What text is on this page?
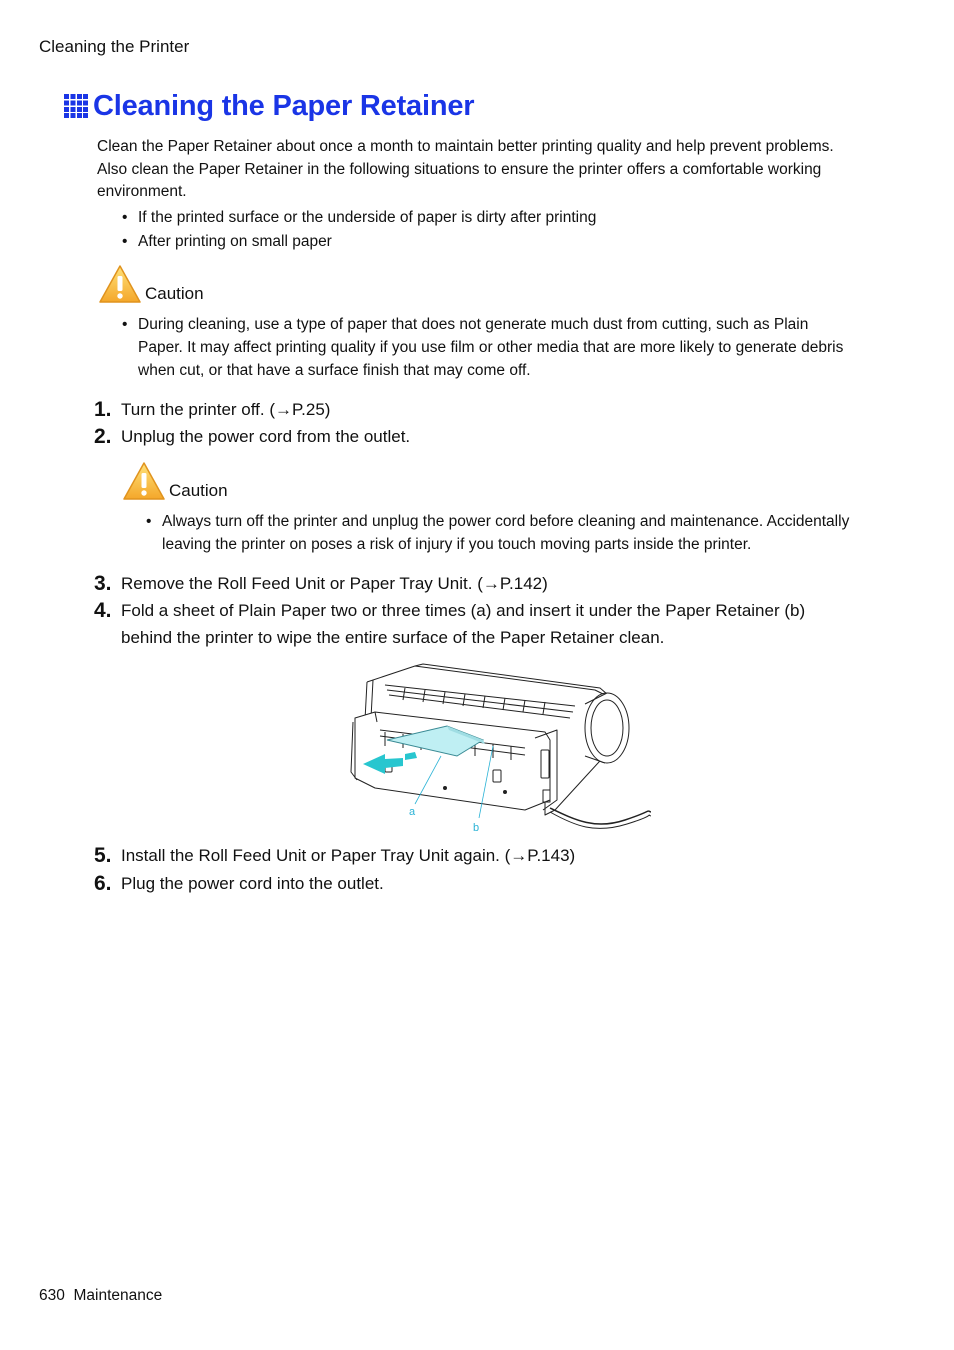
Cleaning the Printer
Cleaning the Paper Retainer
Clean the Paper Retainer about once a month to maintain better printing quality and help prevent problems.
Also clean the Paper Retainer in the following situations to ensure the printer offers a comfortable working
environment.
• If the printed surface or the underside of paper is dirty after printing
• After printing on small paper
Caution
• During cleaning, use a type of paper that does not generate much dust from cutting, such as Plain
Paper. It may affect printing quality if you use film or other media that are more likely to generate debris
when cut, or that have a surface finish that may come off.
1. Turn the printer off. (→P.25)
2. Unplug the power cord from the outlet.
Caution
• Always turn off the printer and unplug the power cord before cleaning and maintenance. Accidentally
leaving the printer on poses a risk of injury if you touch moving parts inside the printer.
3. Remove the Roll Feed Unit or Paper Tray Unit. (→P.142)
4. Fold a sheet of Plain Paper two or three times (a) and insert it under the Paper Retainer (b)
behind the printer to wipe the entire surface of the Paper Retainer clean.
a
b
5. Install the Roll Feed Unit or Paper Tray Unit again. (→P.143)
6. Plug the power cord into the outlet.
630 Maintenance
